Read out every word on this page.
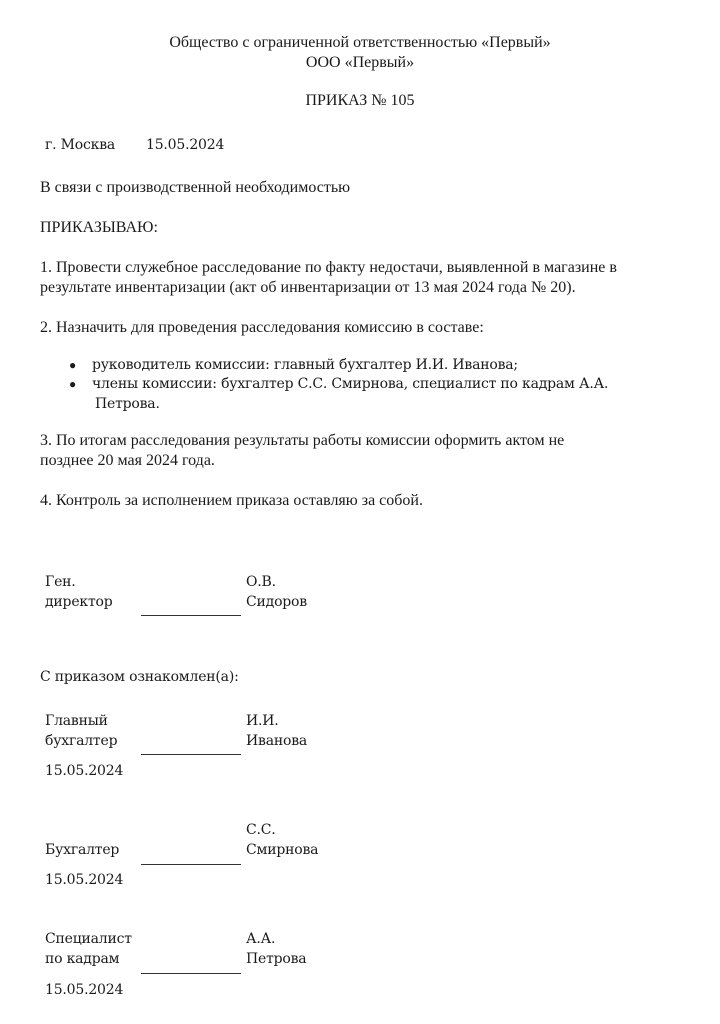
Общество с ограниченной ответственностью «Первый»
ООО «Первый»
ПРИКАЗ № 105
г. Москва 15.05.2024
В связи с производственной необходимостью
ПРИКАЗЫВАЮ:
1. Провести служебное расследование по факту недостачи, выявленной в магазине в
результате инвентаризации (акт об инвентаризации от 13 мая 2024 года № 20).
2. Назначить для проведения расследования комиссию в составе:
● руководитель комиссии: главный бухгалтер И.И. Иванова;
● члены комиссии: бухгалтер С.С. Смирнова, специалист по кадрам А.А.
Петрова.
3. По итогам расследования результаты работы комиссии оформить актом не
позднее 20 мая 2024 года.
4. Контроль за исполнением приказа оставляю за собой.
Ген.
директор
О.В.
Сидоров
С приказом ознакомлен(а):
Главный
бухгалтер
И.И.
Иванова
15.05.2024
Бухгалтер
С.С.
Смирнова
15.05.2024
Специалист
по кадрам
А.А.
Петрова
15.05.2024
